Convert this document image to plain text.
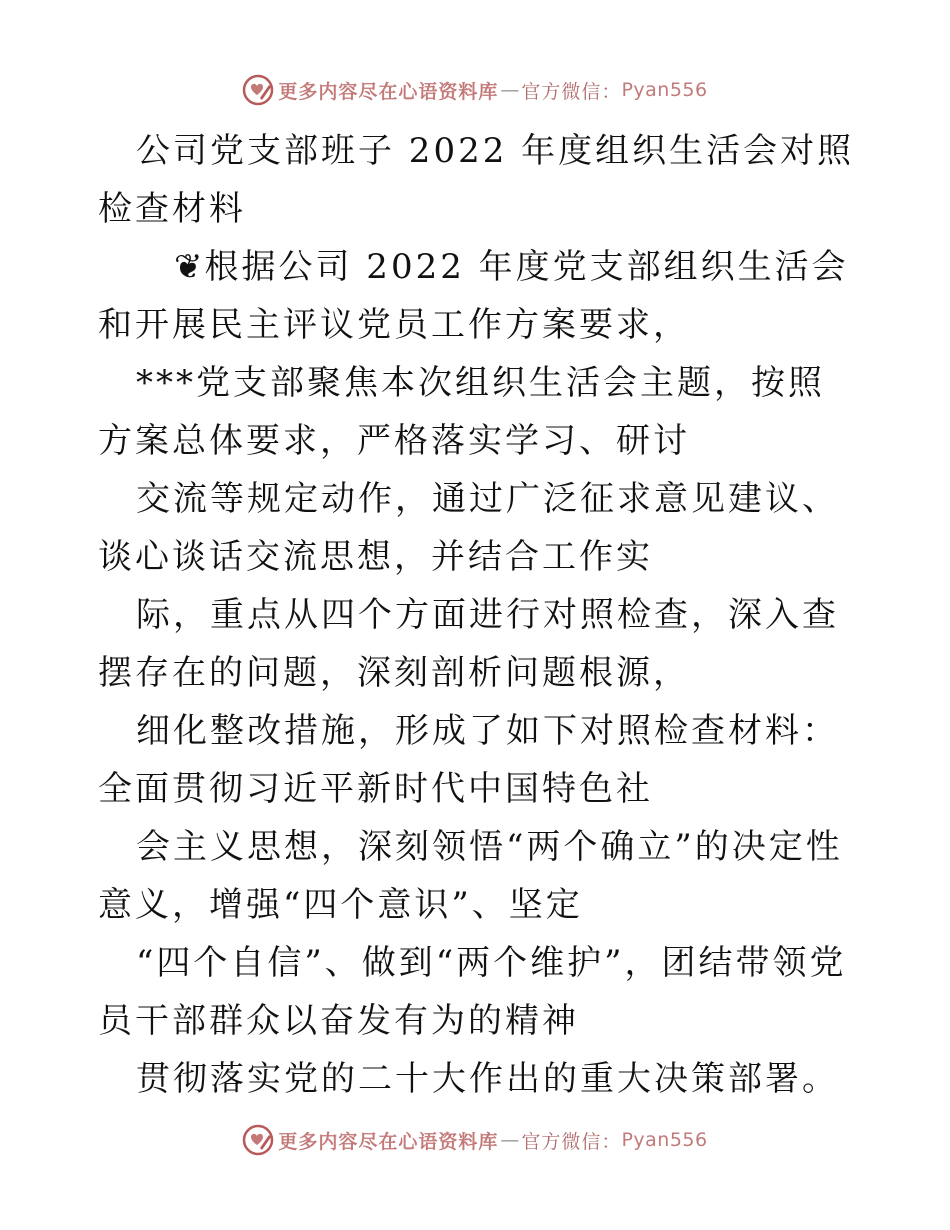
更多内容尽在心语资料库 — 官方微信： Pyan556

公司党支部班子 2022 年度组织生活会对照检查材料

❦根据公司 2022 年度党支部组织生活会和开展民主评议党员工作方案要求，

***党支部聚焦本次组织生活会主题，按照方案总体要求，严格落实学习、研讨

交流等规定动作，通过广泛征求意见建议、谈心谈话交流思想，并结合工作实

际，重点从四个方面进行对照检查，深入查摆存在的问题，深刻剖析问题根源，

细化整改措施，形成了如下对照检查材料：全面贯彻习近平新时代中国特色社

会主义思想，深刻领悟“两个确立”的决定性意义，增强“四个意识”、坚定

“四个自信”、做到“两个维护”，团结带领党员干部群众以奋发有为的精神

贯彻落实党的二十大作出的重大决策部署。

更多内容尽在心语资料库 — 官方微信： Pyan556
